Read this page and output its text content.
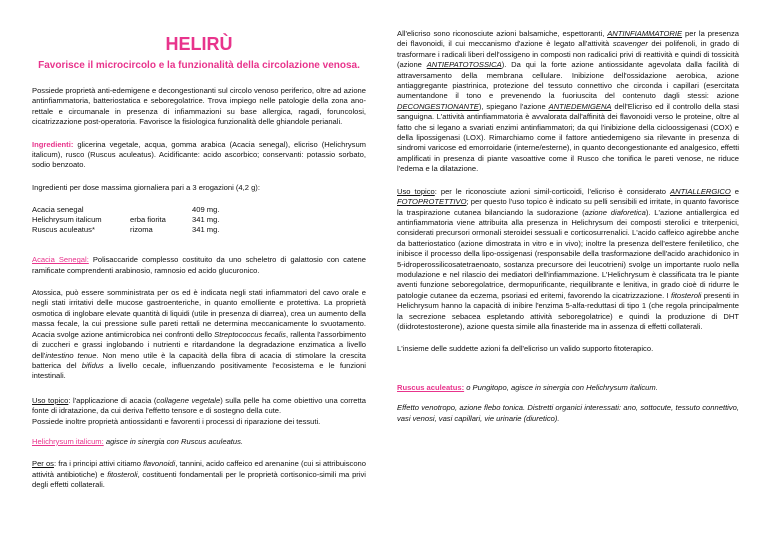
HELIRÙ
Favorisce il microcircolo e la funzionalità della circolazione venosa.

Possiede proprietà anti-edemigene e decongestionanti sul circolo venoso periferico, oltre ad azione antinfiammatoria, batteriostatica e seboregolatrice. Trova impiego nelle patologie della zona ano-rettale e circumanale in presenza di infiammazioni su base allergica, ragadi, foruncolosi, cicatrizzazione post-operatoria. Favorisce la fisiologica funzionalità delle ghiandole perianali.

Ingredienti: glicerina vegetale, acqua, gomma arabica (Acacia senegal), elicriso (Helichrysum italicum), rusco (Ruscus aculeatus). Acidificante: acido ascorbico; conservanti: potassio sorbato, sodio benzoato.

Ingredienti per dose massima giornaliera pari a 3 erogazioni (4,2 g):

Acacia senegal		409 mg.
Helichrysum italicum	erba fiorita	341 mg.
Ruscus aculeatus*	rizoma	341 mg.

Acacia Senegal: Polisaccaride complesso costituito da uno scheletro di galattosio con catene ramificate comprendenti arabinosio, ramnosio ed acido glucuronico.

Atossica, può essere somministrata per os ed è indicata negli stati infiammatori del cavo orale e negli stati irritativi delle mucose gastroenteriche, in quanto emolliente e protettiva. La proprietà osmotica di inglobare elevate quantità di liquidi (utile in presenza di diarrea), crea un aumento della massa fecale, la cui pressione sulle pareti rettali ne determina meccanicamente lo svuotamento. Acacia svolge azione antimicrobica nei confronti dello Streptococcus fecalis, rallenta l'assorbimento di zuccheri e grassi inglobando i nutrienti e ritardandone la degradazione enzimatica a livello dell'intestino tenue. Non meno utile è la capacità della fibra di acacia di stimolare la crescita batterica del bifidus a livello cecale, influenzando positivamente l'ecosistema e le funzioni intestinali.

Uso topico: l'applicazione di acacia (collagene vegetale) sulla pelle ha come obiettivo una corretta fonte di idratazione, da cui deriva l'effetto tensore e di sostegno della cute.
Possiede inoltre proprietà antiossidanti e favorenti i processi di riparazione dei tessuti.

Helichrysum italicum: agisce in sinergia con Ruscus aculeatus.

Per os: fra i principi attivi citiamo flavonoidi, tannini, acido caffeico ed arenanine (cui si attribuiscono attività antibiotiche) e fitosteroli, costituenti fondamentali per le proprietà cortisonico-simili ma privi degli effetti collaterali.

All'elicriso sono riconosciute azioni balsamiche, espettoranti, ANTINFIAMMATORIE per la presenza dei flavonoidi, il cui meccanismo d'azione è legato all'attività scavenger dei polifenoli, in grado di trasformare i radicali liberi dell'ossigeno in composti non radicalici privi di reattività e quindi di tossicità (azione ANTIEPATOTOSSICA). Da qui la forte azione antiossidante agevolata dalla facilità di attraversamento della membrana cellulare. Inibizione dell'ossidazione aerobica, azione antiaggregante piastrinica, protezione del tessuto connettivo che circonda i capillari (esercitata aumentandone il tono e prevenendo la fuoriuscita del contenuto dagli stessi: azione DECONGESTIONANTE), spiegano l'azione ANTIEDEMIGENA dell'Elicriso ed il controllo della stasi sanguigna. L'attività antinfiammatoria è avvalorata dall'affinità dei flavonoidi verso le proteine, oltre al fatto che si legano a svariati enzimi antinfiammatori; da qui l'inibizione della cicloossigenasi (COX) e della lipossigenasi (LOX). Rimarchiamo come il fattore antiedemigeno sia rilevante in presenza di sindromi varicose ed emorroidarie (interne/esterne), in quanto decongestionante ed analgesico, effetti amplificati in presenza di piante vasoattive come il Rusco che tonifica le pareti venose, ne riduce l'edema e la dilatazione.

Uso topico: per le riconosciute azioni simil-corticoidi, l'elicriso è considerato ANTIALLERGICO e FOTOPROTETTIVO; per questo l'uso topico è indicato su pelli sensibili ed irritate, in quanto favorisce la traspirazione cutanea bilanciando la sudorazione (azione diaforetica). L'azione antiallergica ed antinfiammatoria viene attribuita alla presenza in Helichrysum dei composti sterolici e triterpenici, considerati precursori ormonali steroidei sessuali e corticosurrenalici. L'acido caffeico agirebbe anche da batteriostatico (azione dimostrata in vitro e in vivo); inoltre la presenza dell'estere feniletilico, che inibisce il processo della lipo-ossigenasi (responsabile della trasformazione dell'acido arachidonico in 5-idroperossilicosatetraenoato, sostanza precursore dei leucotrieni) svolge un importante ruolo nella modulazione e nel rilascio dei mediatori dell'infiammazione. L'Helichrysum è classificata tra le piante aventi funzione seboregolatrice, dermopurificante, riequilibrante e lenitiva, in grado cioè di ridurre le patologie cutanee da eczema, psoriasi ed eritemi, favorendo la cicatrizzazione. I fitosteroli presenti in Helichrysum hanno la capacità di inibire l'enzima 5-alfa-reduttasi di tipo 1 (che regola principalmente la secrezione sebacea espletando attività seboregolatrice) e quindi la produzione di DHT (diidrotestosterone), azione questa simile alla finasteride ma in assenza di effetti collaterali.

L'insieme delle suddette azioni fa dell'elicriso un valido supporto fitoterapico.

Ruscus aculeatus: o Pungitopo, agisce in sinergia con Helichrysum italicum.

Effetto venotropo, azione flebo tonica. Distretti organici interessati: ano, sottocute, tessuto connettivo, vasi venosi, vasi capillari, vie urinarie (diuretico).
